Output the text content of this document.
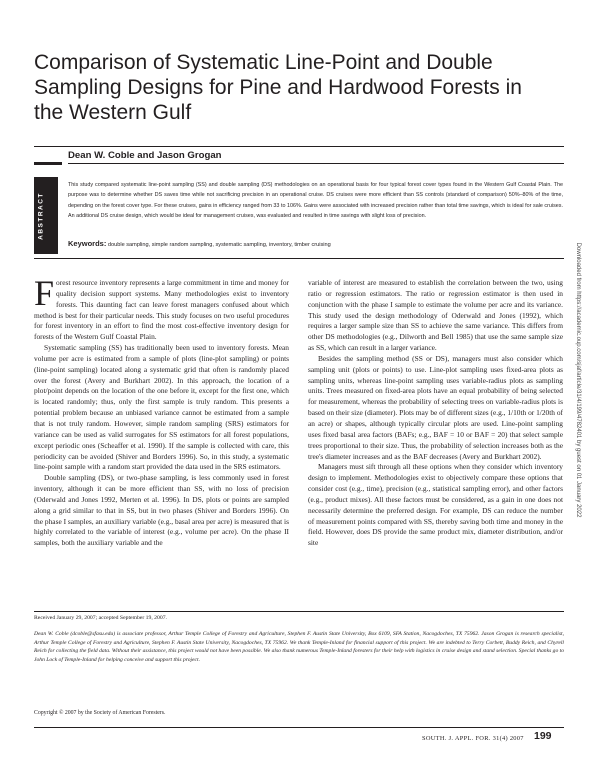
Comparison of Systematic Line-Point and Double Sampling Designs for Pine and Hardwood Forests in the Western Gulf
Dean W. Coble and Jason Grogan
ABSTRACT

This study compared systematic line-point sampling (SS) and double sampling (DS) methodologies on an operational basis for four typical forest cover types found in the Western Gulf Coastal Plain. The purpose was to determine whether DS saves time while not sacrificing precision in an operational cruise. DS cruises were more efficient than SS controls (standard of comparison) 50%–80% of the time, depending on the forest cover type. For these cruises, gains in efficiency ranged from 33 to 106%. Gains were associated with increased precision rather than total time savings, which is ideal for sale cruises. An additional DS cruise design, which would be ideal for management cruises, was evaluated and resulted in time savings with slight loss of precision.

Keywords: double sampling, simple random sampling, systematic sampling, inventory, timber cruising

Forest resource inventory represents a large commitment in time and money for quality decision support systems. Many methodologies exist to inventory forests. This daunting fact can leave forest managers confused about which method is best for their particular needs. This study focuses on two useful procedures for forest inventory in an effort to find the most cost-effective inventory design for forests of the Western Gulf Coastal Plain.

Systematic sampling (SS) has traditionally been used to inventory forests. Mean volume per acre is estimated from a sample of plots (line-plot sampling) or points (line-point sampling) located along a systematic grid that often is randomly placed over the forest (Avery and Burkhart 2002). In this approach, the location of a plot/point depends on the location of the one before it, except for the first one, which is located randomly; thus, only the first sample is truly random. This presents a potential problem because an unbiased variance cannot be estimated from a sample that is not truly random. However, simple random sampling (SRS) estimators for variance can be used as valid surrogates for SS estimators for all forest populations, except periodic ones (Scheaffer et al. 1990). If the sample is collected with care, this periodicity can be avoided (Shiver and Borders 1996). So, in this study, a systematic line-point sample with a random start provided the data used in the SRS estimators.

Double sampling (DS), or two-phase sampling, is less commonly used in forest inventory, although it can be more efficient than SS, with no loss of precision (Oderwald and Jones 1992, Merten et al. 1996). In DS, plots or points are sampled along a grid similar to that in SS, but in two phases (Shiver and Borders 1996). On the phase I samples, an auxiliary variable (e.g., basal area per acre) is measured that is highly correlated to the variable of interest (e.g., volume per acre). On the phase II samples, both the auxiliary variable and the

variable of interest are measured to establish the correlation between the two, using ratio or regression estimators. The ratio or regression estimator is then used in conjunction with the phase I sample to estimate the volume per acre and its variance. This study used the design methodology of Oderwald and Jones (1992), which requires a larger sample size than SS to achieve the same variance. This differs from other DS methodologies (e.g., Dilworth and Bell 1985) that use the same sample size as SS, which can result in a larger variance.

Besides the sampling method (SS or DS), managers must also consider which sampling unit (plots or points) to use. Line-plot sampling uses fixed-area plots as sampling units, whereas line-point sampling uses variable-radius plots as sampling units. Trees measured on fixed-area plots have an equal probability of being selected for measurement, whereas the probability of selecting trees on variable-radius plots is based on their size (diameter). Plots may be of different sizes (e.g., 1/10th or 1/20th of an acre) or shapes, although typically circular plots are used. Line-point sampling uses fixed basal area factors (BAFs; e.g., BAF = 10 or BAF = 20) that select sample trees proportional to their size. Thus, the probability of selection increases both as the tree's diameter increases and as the BAF decreases (Avery and Burkhart 2002).

Managers must sift through all these options when they consider which inventory design to implement. Methodologies exist to objectively compare these options that consider cost (e.g., time), precision (e.g., statistical sampling error), and other factors (e.g., product mixes). All these factors must be considered, as a gain in one does not necessarily determine the preferred design. For example, DS can reduce the number of measurement points compared with SS, thereby saving both time and money in the field. However, does DS provide the same product mix, diameter distribution, and/or site

Received January 29, 2007; accepted September 19, 2007.

Dean W. Coble (dcoble@sfasu.edu) is associate professor, Arthur Temple College of Forestry and Agriculture, Stephen F. Austin State University, Box 6109, SFA Station, Nacogdoches, TX 75962. Jason Grogan is research specialist, Arthur Temple College of Forestry and Agriculture, Stephen F. Austin State University, Nacogdoches, TX 75962. We thank Temple-Inland for financial support of this project. We are indebted to Terry Corbett, Buddy Reich, and Chyrell Reich for collecting the field data. Without their assistance, this project would not have been possible. We also thank numerous Temple-Inland foresters for their help with logistics in cruise design and stand selection. Special thanks go to John Lock of Temple-Inland for helping conceive and support this project.

Copyright © 2007 by the Society of American Foresters.
SOUTH. J. APPL. FOR. 31(4) 2007 199
Downloaded from https://academic.oup.com/sjaf/article/31/4/199/4782401 by guest on 01 January 2022
